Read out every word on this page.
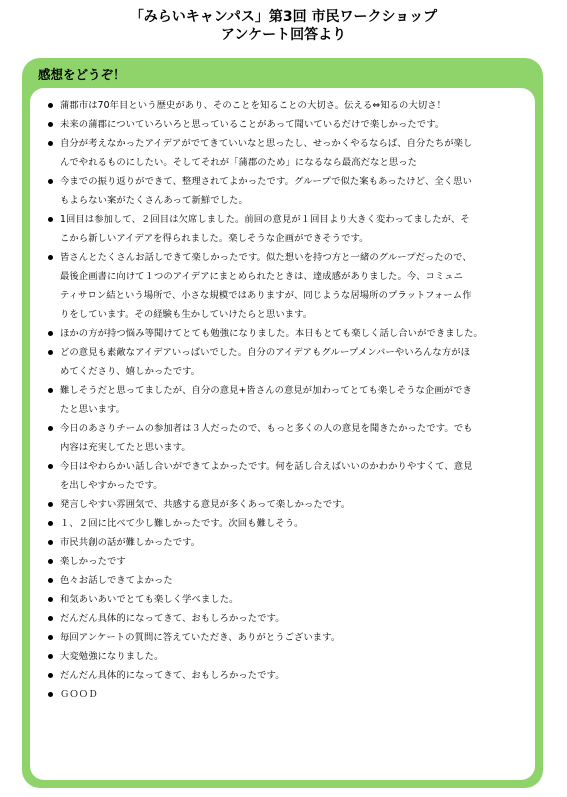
「みらいキャンパス」第3回 市民ワークショップ
アンケート回答より
感想をどうぞ！
蒲郡市は70年目という歴史があり、そのことを知ることの大切さ。伝える⇔知るの大切さ！
未来の蒲郡についていろいろと思っていることがあって聞いているだけで楽しかったです。
自分が考えなかったアイデアがでてきていいなと思ったし、せっかくやるならば、自分たちが楽し
んでやれるものにしたい。そしてそれが「蒲郡のため」になるなら最高だなと思った
今までの振り返りができて、整理されてよかったです。グループで似た案もあったけど、全く思い
もよらない案がたくさんあって新鮮でした。
1回目は参加して、２回目は欠席しました。前回の意見が１回目より大きく変わってましたが、そ
こから新しいアイデアを得られました。楽しそうな企画ができそうです。
皆さんとたくさんお話しできて楽しかったです。似た想いを持つ方と一緒のグループだったので、
最後企画書に向けて１つのアイデアにまとめられたときは、達成感がありました。今、コミュニ
ティサロン結という場所で、小さな規模ではありますが、同じような居場所のプラットフォーム作
りをしています。その経験も生かしていけたらと思います。
ほかの方が持つ悩み等聞けてとても勉強になりました。本日もとても楽しく話し合いができました。
どの意見も素敵なアイデアいっぱいでした。自分のアイデアもグループメンバーやいろんな方がほ
めてくださり、嬉しかったです。
難しそうだと思ってましたが、自分の意見+皆さんの意見が加わってとても楽しそうな企画ができ
たと思います。
今日のあさりチームの参加者は３人だったので、もっと多くの人の意見を聞きたかったです。でも
内容は充実してたと思います。
今日はやわらかい話し合いができてよかったです。何を話し合えばいいのかわかりやすくて、意見
を出しやすかったです。
発言しやすい雰囲気で、共感する意見が多くあって楽しかったです。
１、２回に比べて少し難しかったです。次回も難しそう。
市民共創の話が難しかったです。
楽しかったです
色々お話しできてよかった
和気あいあいでとても楽しく学べました。
だんだん具体的になってきて、おもしろかったです。
毎回アンケートの質問に答えていただき、ありがとうございます。
大変勉強になりました。
だんだん具体的になってきて、おもしろかったです。
ＧＯＯＤ
